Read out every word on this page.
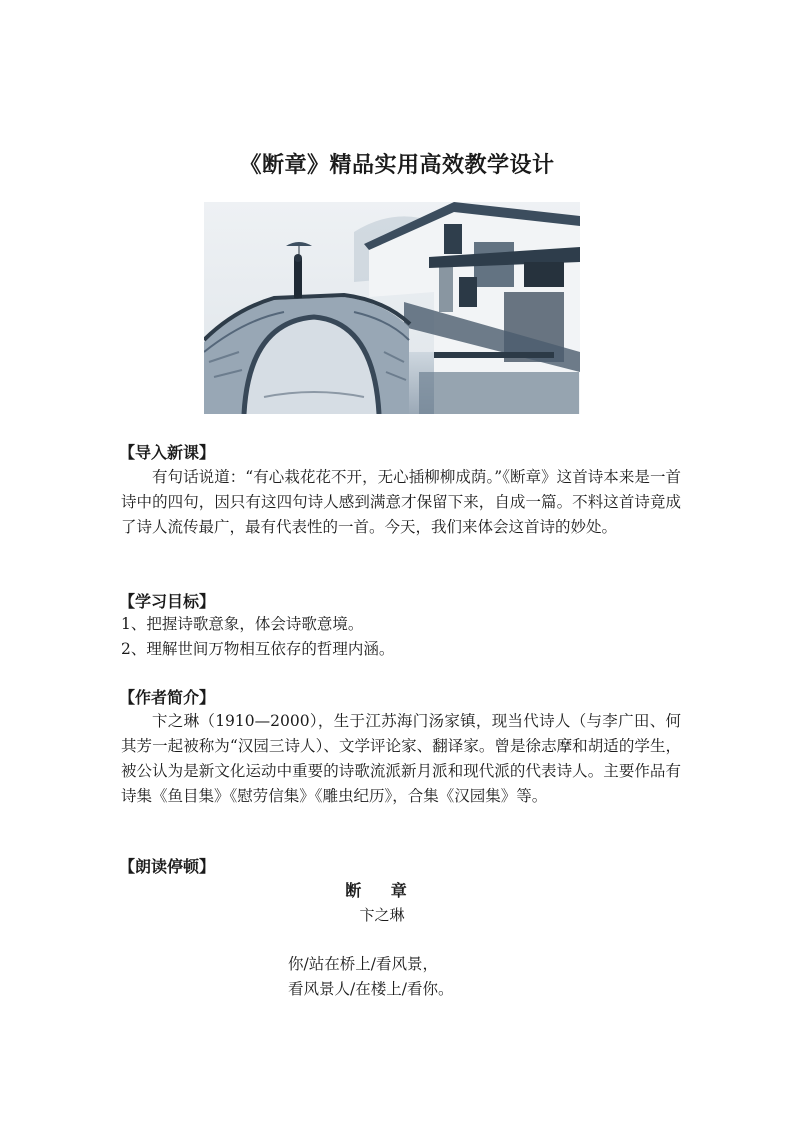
《断章》精品实用高效教学设计
【导入新课】
有句话说道：“有心栽花花不开，无心插柳柳成荫。”《断章》这首诗本来是一首诗中的四句，因只有这四句诗人感到满意才保留下来，自成一篇。不料这首诗竟成了诗人流传最广，最有代表性的一首。今天，我们来体会这首诗的妙处。
【学习目标】
1、把握诗歌意象，体会诗歌意境。
2、理解世间万物相互依存的哲理内涵。
【作者简介】
卞之琳（1910—2000），生于江苏海门汤家镇，现当代诗人（与李广田、何其芳一起被称为“汉园三诗人）、文学评论家、翻译家。曾是徐志摩和胡适的学生，被公认为是新文化运动中重要的诗歌流派新月派和现代派的代表诗人。主要作品有诗集《鱼目集》《慰劳信集》《雕虫纪历》，合集《汉园集》等。
【朗读停顿】
断 章
卞之琳
你/站在桥上/看风景，
看风景人/在楼上/看你。
